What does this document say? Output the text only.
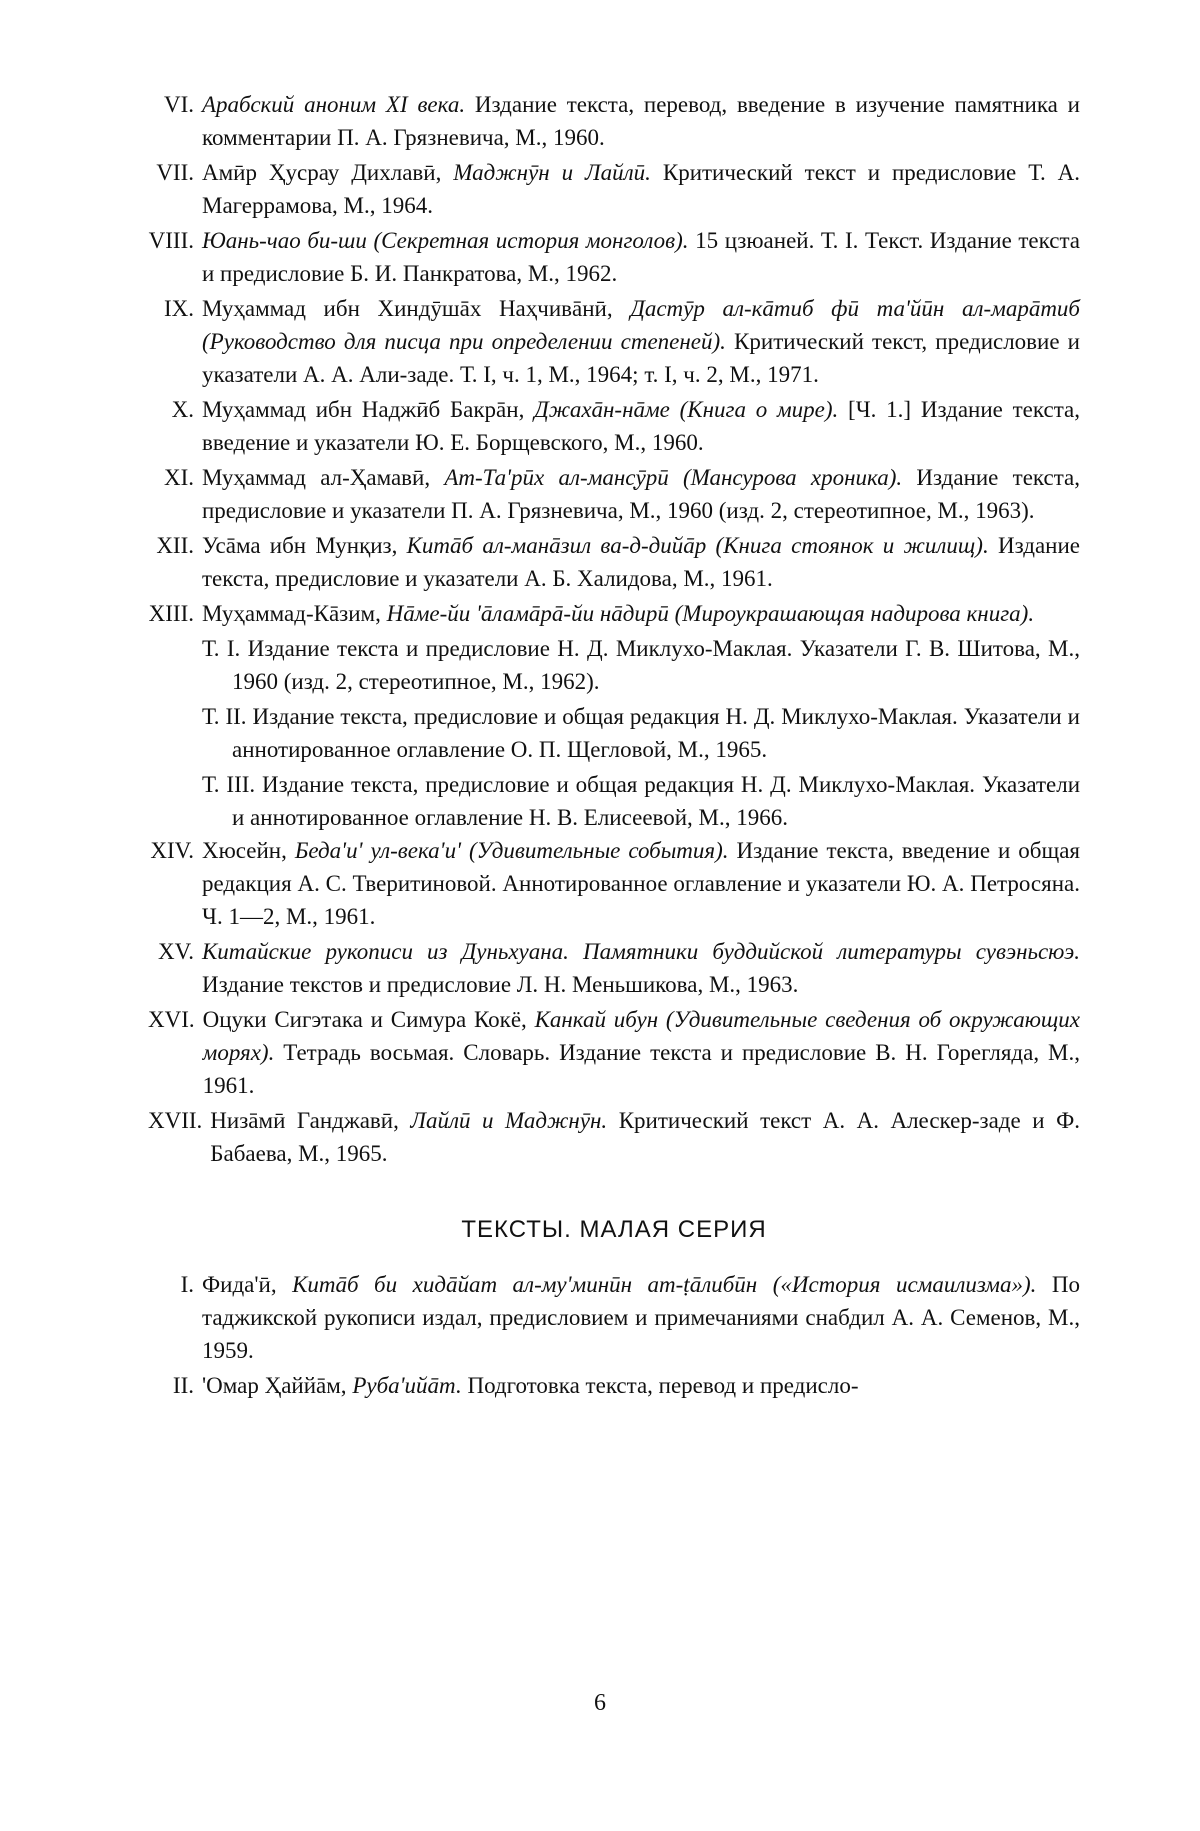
VI. Арабский аноним XI века. Издание текста, перевод, введение в изучение памятника и комментарии П. А. Грязневича, М., 1960.
VII. Амӣр Ҳусрау Дихлавӣ, Маджнӯн и Лайлӣ. Критический текст и предисловие Т. А. Магеррамова, М., 1964.
VIII. Юань-чао би-ши (Секретная история монголов). 15 цзюаней. Т. I. Текст. Издание текста и предисловие Б. И. Панкратова, М., 1962.
IX. Муҳаммад ибн Хиндӯшāх Наҳчивāнӣ, Дастӯр ал-кāтиб фӣ та'йӣн ал-марāтиб (Руководство для писца при определении степеней). Критический текст, предисловие и указатели А. А. Али-заде. Т. I, ч. 1, М., 1964; т. I, ч. 2, М., 1971.
X. Муҳаммад ибн Наджӣб Бакрāн, Джахāн-нāме (Книга о мире). [Ч. 1.] Издание текста, введение и указатели Ю. Е. Борщевского, М., 1960.
XI. Муҳаммад ал-Ҳамавӣ, Ат-Та'рӣх ал-манс̣ӯрӣ (Мансурова хроника). Издание текста, предисловие и указатели П. А. Грязневича, М., 1960 (изд. 2, стереотипное, М., 1963).
XII. Усāма ибн Мунқиз, Китāб ал-манāзил ва-д-дийāр (Книга стоянок и жилищ). Издание текста, предисловие и указатели А. Б. Халидова, М., 1961.
XIII. Муҳаммад-Кāзим, Нāме-йи 'āламāрā-йи нāдирӣ (Мироукрашающая надирова книга).
Т. I. Издание текста и предисловие Н. Д. Миклухо-Маклая. Указатели Г. В. Шитова, М., 1960 (изд. 2, стереотипное, М., 1962).
Т. II. Издание текста, предисловие и общая редакция Н. Д. Миклухо-Маклая. Указатели и аннотированное оглавление О. П. Щегловой, М., 1965.
Т. III. Издание текста, предисловие и общая редакция Н. Д. Миклухо-Маклая. Указатели и аннотированное оглавление Н. В. Елисеевой, М., 1966.
XIV. Хюсейн, Беда'и' ул-века'и' (Удивительные события). Издание текста, введение и общая редакция А. С. Тверитиновой. Аннотированное оглавление и указатели Ю. А. Петросяна. Ч. 1—2, М., 1961.
XV. Китайские рукописи из Дуньхуана. Памятники буддийской литературы сувэньсюэ. Издание текстов и предисловие Л. Н. Меньшикова, М., 1963.
XVI. Оцуки Сигэтака и Симура Кокё, Канкай ибун (Удивительные сведения об окружающих морях). Тетрадь восьмая. Словарь. Издание текста и предисловие В. Н. Горегляда, М., 1961.
XVII. Низāмӣ Ганджавӣ, Лайлӣ и Маджнӯн. Критический текст А. А. Алескер-заде и Ф. Бабаева, М., 1965.
ТЕКСТЫ. МАЛАЯ СЕРИЯ
I. Фида'ӣ, Китāб би хидāйат ал-му'минӣн ат-ṭāлибӣн («История исмаилизма»). По таджикской рукописи издал, предисловием и примечаниями снабдил А. А. Семенов, М., 1959.
II. 'Омар Ҳаййāм, Руба'ийāт. Подготовка текста, перевод и предисло-
6
